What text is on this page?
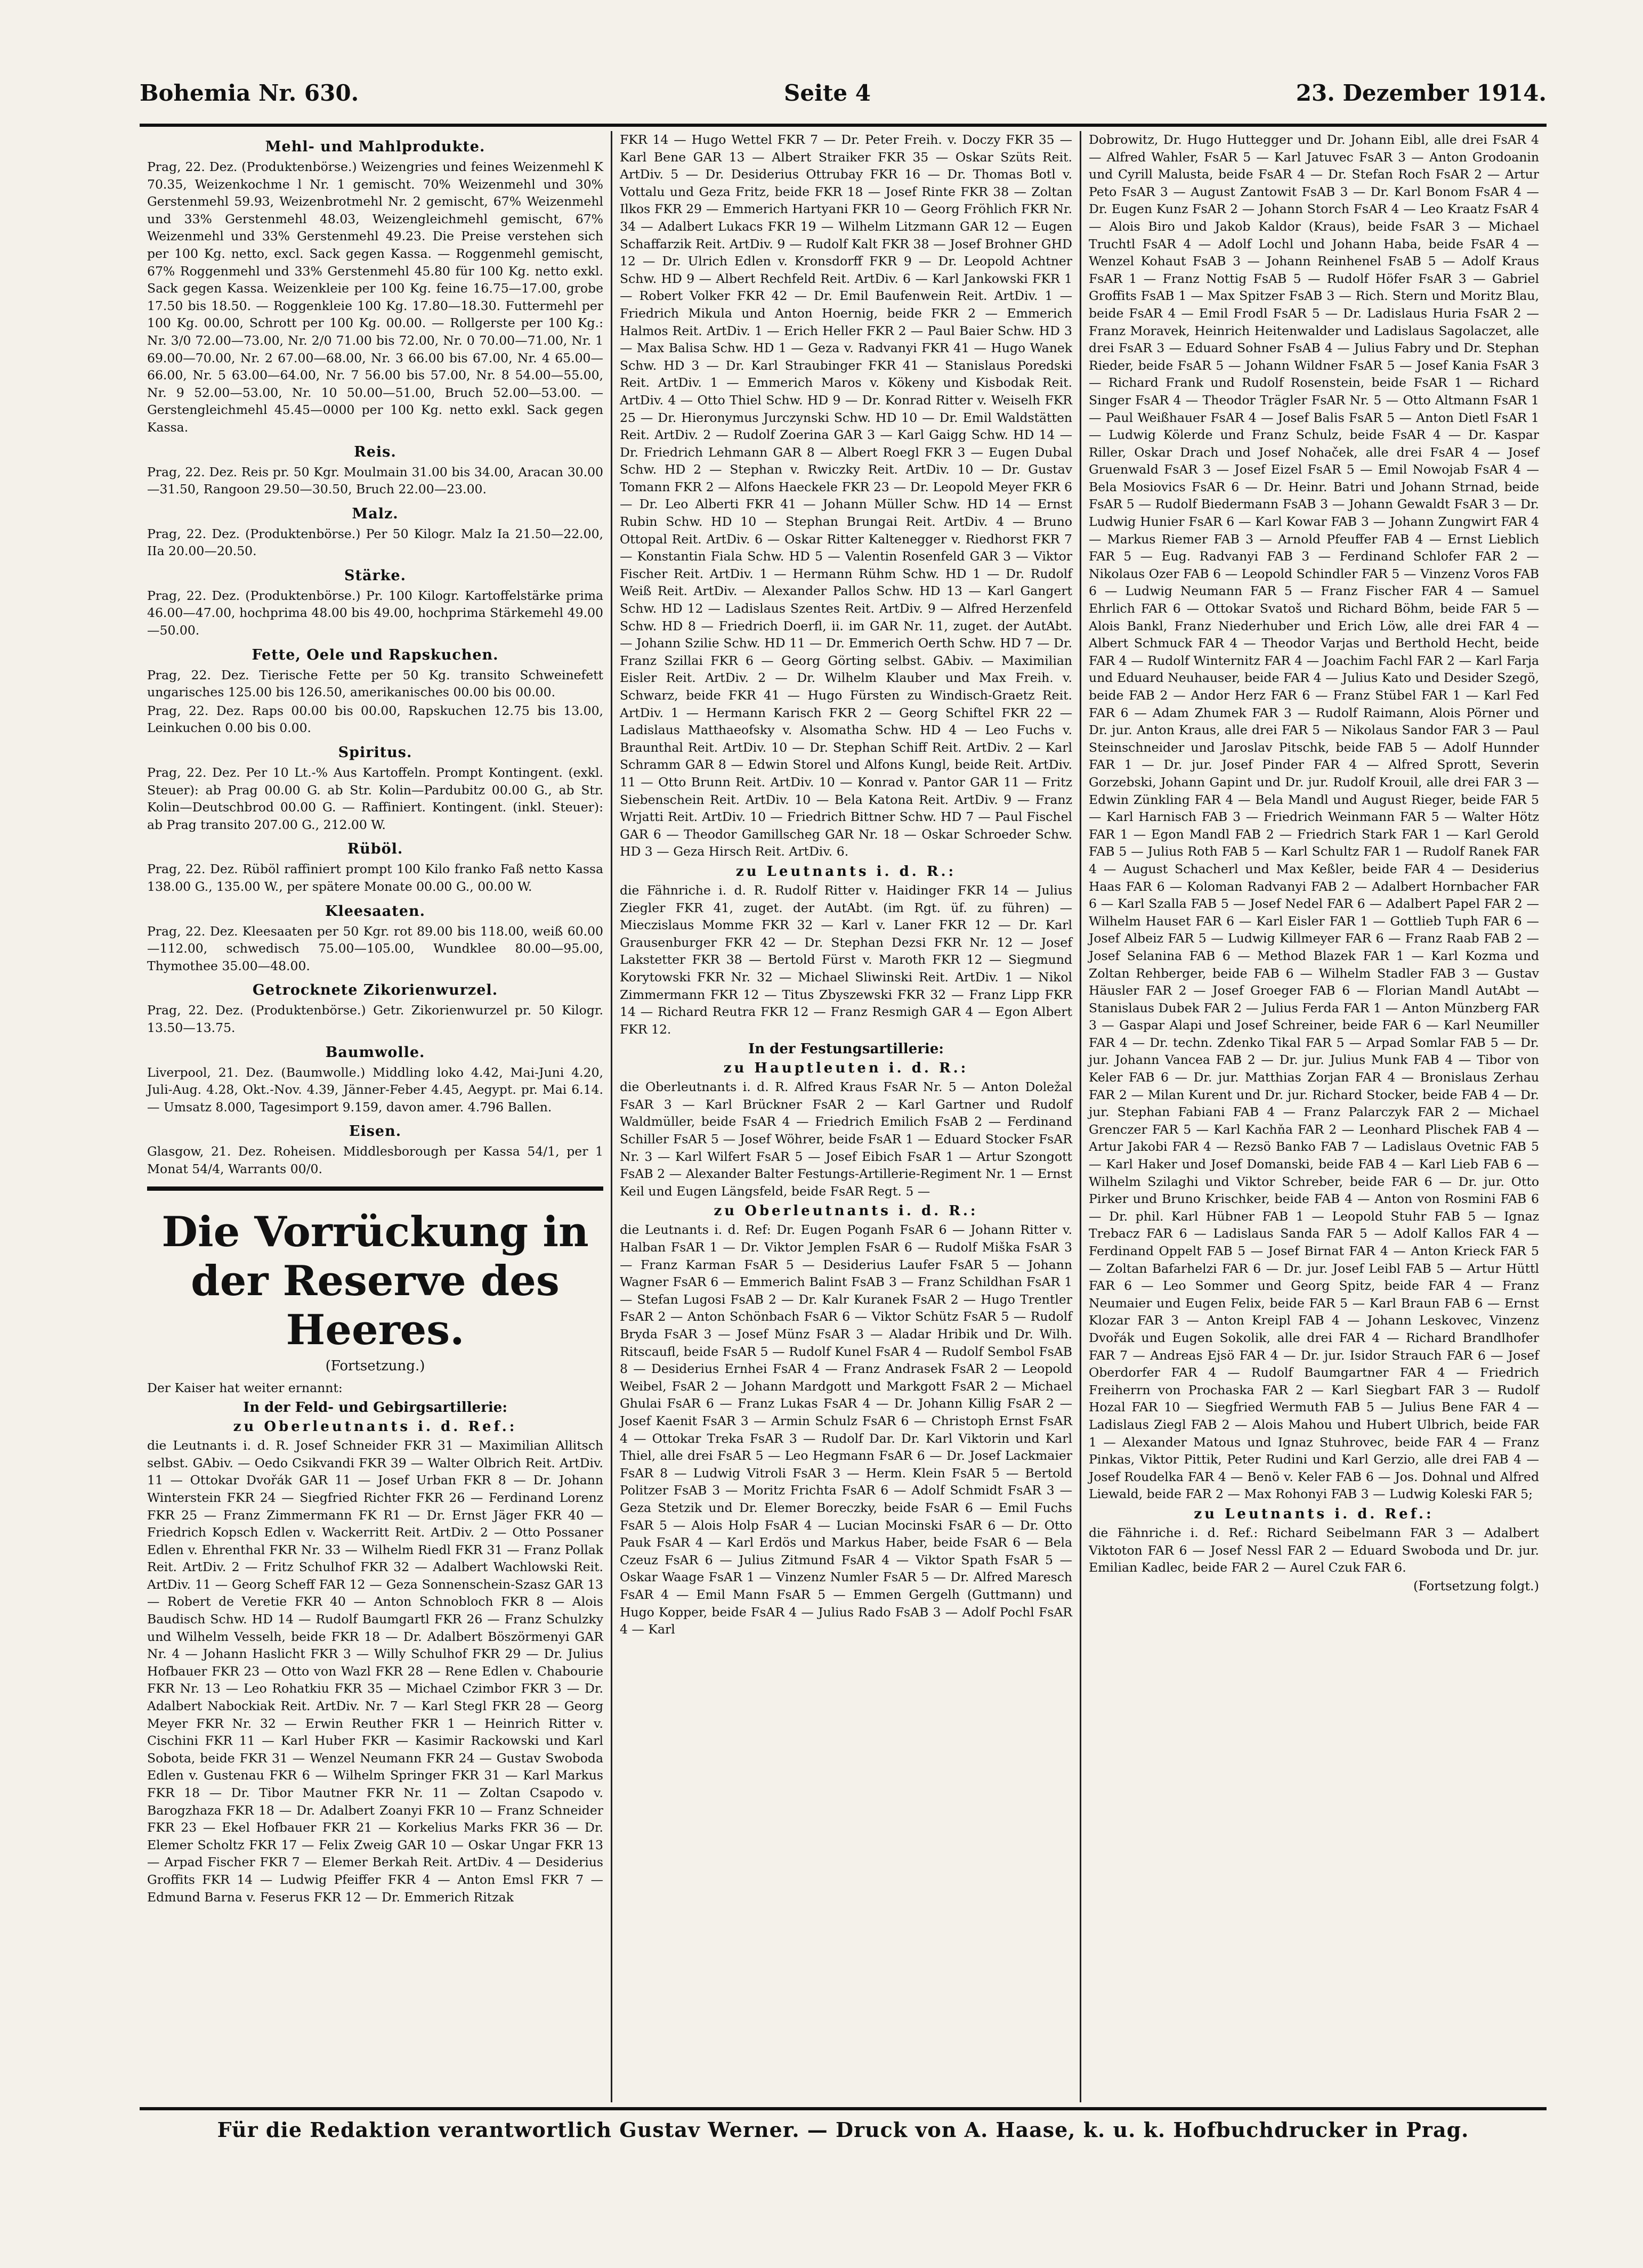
Bohemia Nr. 630.	Seite 4	23. Dezember 1914.
Mehl- und Mahlprodukte.

Prag, 22. Dez. (Produktenbörse.) Weizengries und feines Weizenmehl K 70.35, Weizenkochme l Nr. 1 gemischt. 70% Weizenmehl und 30% Gerstenmehl 59.93, Weizenbrotmehl Nr. 2 gemischt, 67% Weizenmehl und 33% Gerstenmehl 48.03, Weizengleichmehl gemischt, 67% Weizenmehl und 33% Gerstenmehl 49.23. Die Preise verstehen sich per 100 Kg. netto, excl. Sack gegen Kassa. — Roggenmehl gemischt, 67% Roggenmehl und 33% Gerstenmehl 45.80 für 100 Kg. netto exkl. Sack gegen Kassa. Weizenkleie per 100 Kg. feine 16.75—17.00, grobe 17.50 bis 18.50. — Roggenkleie 100 Kg. 17.80—18.30. Futtermehl per 100 Kg. 00.00, Schrott per 100 Kg. 00.00. — Rollgerste per 100 Kg.: Nr. 3/0 72.00—73.00, Nr. 2/0 71.00 bis 72.00, Nr. 0 70.00—71.00, Nr. 1 69.00—70.00, Nr. 2 67.00—68.00, Nr. 3 66.00 bis 67.00, Nr. 4 65.00—66.00, Nr. 5 63.00—64.00, Nr. 7 56.00 bis 57.00, Nr. 8 54.00—55.00, Nr. 9 52.00—53.00, Nr. 10 50.00—51.00, Bruch 52.00—53.00. — Gerstengleichmehl 45.45—0000 per 100 Kg. netto exkl. Sack gegen Kassa.

Reis.

Prag, 22. Dez. Reis pr. 50 Kgr. Moulmain 31.00 bis 34.00, Aracan 30.00—31.50, Rangoon 29.50—30.50, Bruch 22.00—23.00.

Malz.

Prag, 22. Dez. (Produktenbörse.) Per 50 Kilogr. Malz Ia 21.50—22.00, IIa 20.00—20.50.

Stärke.

Prag, 22. Dez. (Produktenbörse.) Pr. 100 Kilogr. Kartoffelstärke prima 46.00—47.00, hochprima 48.00 bis 49.00, hochprima Stärkemehl 49.00—50.00.

Fette, Oele und Rapskuchen.

Prag, 22. Dez. Tierische Fette per 50 Kg. transito Schweinefett ungarisches 125.00 bis 126.50, amerikanisches 00.00 bis 00.00.

Prag, 22. Dez. Raps 00.00 bis 00.00, Rapskuchen 12.75 bis 13.00, Leinkuchen 0.00 bis 0.00.

Spiritus.

Prag, 22. Dez. Per 10 Lt.-% Aus Kartoffeln. Prompt Kontingent. (exkl. Steuer): ab Prag 00.00 G. ab Str. Kolin—Pardubitz 00.00 G., ab Str. Kolin—Deutschbrod 00.00 G. — Raffiniert. Kontingent. (inkl. Steuer): ab Prag transito 207.00 G., 212.00 W.

Rüböl.

Prag, 22. Dez. Rüböl raffiniert prompt 100 Kilo franko Faß netto Kassa 138.00 G., 135.00 W., per spätere Monate 00.00 G., 00.00 W.

Kleesaaten.

Prag, 22. Dez. Kleesaaten per 50 Kgr. rot 89.00 bis 118.00, weiß 60.00—112.00, schwedisch 75.00—105.00, Wundklee 80.00—95.00, Thymothee 35.00—48.00.

Getrocknete Zikorienwurzel.

Prag, 22. Dez. (Produktenbörse.) Getr. Zikorienwurzel pr. 50 Kilogr. 13.50—13.75.

Baumwolle.

Liverpool, 21. Dez. (Baumwolle.) Middling loko 4.42, Mai-Juni 4.20, Juli-Aug. 4.28, Okt.-Nov. 4.39, Jänner-Feber 4.45, Aegypt. pr. Mai 6.14. — Umsatz 8.000, Tagesimport 9.159, davon amer. 4.796 Ballen.

Eisen.

Glasgow, 21. Dez. Roheisen. Middlesborough per Kassa 54/1, per 1 Monat 54/4, Warrants 00/0.

Die Vorrückung in der Reserve des Heeres.
(Fortsetzung.)

Der Kaiser hat weiter ernannt:

In der Feld- und Gebirgsartillerie:
zu Oberleutnants i. d. Ref.:

die Leutnants i. d. R. Josef Schneider FKR 31 — Maximilian Allitsch selbst. GAbiv. — Oedo Csikvandi FKR 39 — Walter Olbrich Reit. ArtDiv. 11 — Ottokar Dvořák GAR 11 — Josef Urban FKR 8 — Dr. Johann Winterstein FKR 24 — Siegfried Richter FKR 26 — Ferdinand Lorenz FKR 25 — Franz Zimmermann FK R1 — Dr. Ernst Jäger FKR 40 — Friedrich Kopsch Edlen v. Wackerritt Reit. ArtDiv. 2 — Otto Possaner Edlen v. Ehrenthal FKR Nr. 33 — Wilhelm Riedl FKR 31 — Franz Pollak Reit. ArtDiv. 2 — Fritz Schulhof FKR 32 — Adalbert Wachlowski Reit. ArtDiv. 11 — Georg Scheff FAR 12 — Geza Sonnenschein-Szasz GAR 13 — Robert de Veretie FKR 40 — Anton Schnobloch FKR 8 — Alois Baudisch Schw. HD 14 — Rudolf Baumgartl FKR 26 — Franz Schulzky und Wilhelm Vesselh, beide FKR 18 — Dr. Adalbert Böszörmenyi GAR Nr. 4 — Johann Haslicht FKR 3 — Willy Schulhof FKR 29 — Dr. Julius Hofbauer FKR 23 — Otto von Wazl FKR 28 — Rene Edlen v. Chabourie FKR Nr. 13 — Leo Rohatkiu FKR 35 — Michael Czimbor FKR 3 — Dr. Adalbert Nabockiak Reit. ArtDiv. Nr. 7 — Karl Stegl FKR 28 — Georg Meyer FKR Nr. 32 — Erwin Reuther FKR 1 — Heinrich Ritter v. Cischini FKR 11 — Karl Huber FKR — Kasimir Rackowski und Karl Sobota, beide FKR 31 — Wenzel Neumann FKR 24 — Gustav Swoboda Edlen v. Gustenau FKR 6 — Wilhelm Springer FKR 31 — Karl Markus FKR 18 — Dr. Tibor Mautner FKR Nr. 11 — Zoltan Csapodo v. Barogzhaza FKR 18 — Dr. Adalbert Zoanyi FKR 10 — Franz Schneider FKR 23 — Ekel Hofbauer FKR 21 — Korkelius Marks FKR 36 — Dr. Elemer Scholtz FKR 17 — Felix Zweig GAR 10 — Oskar Ungar FKR 13 — Arpad Fischer FKR 7 — Elemer Berkah Reit. ArtDiv. 4 — Desiderius Groffits FKR 14 — Ludwig Pfeiffer FKR 4 — Anton Emsl FKR 7 — Edmund Barna v. Feserus FKR 12 — Dr. Emmerich Ritzak

FKR 14 — Hugo Wettel FKR 7 — Dr. Peter Freih. v. Doczy FKR 35 — Karl Bene GAR 13 — Albert Straiker FKR 35 — Oskar Szüts Reit. ArtDiv. 5 — Dr. Desiderius Ottrubay FKR 16 — Dr. Thomas Botl v. Vottalu und Geza Fritz, beide FKR 18 — Josef Rinte FKR 38 — Zoltan Ilkos FKR 29 — Emmerich Hartyani FKR 10 — Georg Fröhlich FKR Nr. 34 — Adalbert Lukacs FKR 19 — Wilhelm Litzmann GAR 12 — Eugen Schaffarzik Reit. ArtDiv. 9 — Rudolf Kalt FKR 38 — Josef Brohner GHD 12 — Dr. Ulrich Edlen v. Kronsdorff FKR 9 — Dr. Leopold Achtner Schw. HD 9 — Albert Rechfeld Reit. ArtDiv. 6 — Karl Jankowski FKR 1 — Robert Volker FKR 42 — Dr. Emil Baufenwein Reit. ArtDiv. 1 — Friedrich Mikula und Anton Hoernig, beide FKR 2 — Emmerich Halmos Reit. ArtDiv. 1 — Erich Heller FKR 2 — Paul Baier Schw. HD 3 — Max Balisa Schw. HD 1 — Geza v. Radvanyi FKR 41 — Hugo Wanek Schw. HD 3 — Dr. Karl Straubinger FKR 41 — Stanislaus Poredski Reit. ArtDiv. 1 — Emmerich Maros v. Kökeny und Kisbodak Reit. ArtDiv. 4 — Otto Thiel Schw. HD 9 — Dr. Konrad Ritter v. Weiselh FKR 25 — Dr. Hieronymus Jurczynski Schw. HD 10 — Dr. Emil Waldstätten Reit. ArtDiv. 2 — Rudolf Zoerina GAR 3 — Karl Gaigg Schw. HD 14 — Dr. Friedrich Lehmann GAR 8 — Albert Roegl FKR 3 — Eugen Dubal Schw. HD 2 — Stephan v. Rwiczky Reit. ArtDiv. 10 — Dr. Gustav Tomann FKR 2 — Alfons Haeckele FKR 23 — Dr. Leopold Meyer FKR 6 — Dr. Leo Alberti FKR 41 — Johann Müller Schw. HD 14 — Ernst Rubin Schw. HD 10 — Stephan Brungai Reit. ArtDiv. 4 — Bruno Ottopal Reit. ArtDiv. 6 — Oskar Ritter Kaltenegger v. Riedhorst FKR 7 — Konstantin Fiala Schw. HD 5 — Valentin Rosenfeld GAR 3 — Viktor Fischer Reit. ArtDiv. 1 — Hermann Rühm Schw. HD 1 — Dr. Rudolf Weiß Reit. ArtDiv. — Alexander Pallos Schw. HD 13 — Karl Gangert Schw. HD 12 — Ladislaus Szentes Reit. ArtDiv. 9 — Alfred Herzenfeld Schw. HD 8 — Friedrich Doerfl, ii. im GAR Nr. 11, zuget. der AutAbt. — Johann Szilie Schw. HD 11 — Dr. Emmerich Oerth Schw. HD 7 — Dr. Franz Szillai FKR 6 — Georg Görting selbst. GAbiv. — Maximilian Eisler Reit. ArtDiv. 2 — Dr. Wilhelm Klauber und Max Freih. v. Schwarz, beide FKR 41 — Hugo Fürsten zu Windisch-Graetz Reit. ArtDiv. 1 — Hermann Karisch FKR 2 — Georg Schiftel FKR 22 — Ladislaus Matthaeofsky v. Alsomatha Schw. HD 4 — Leo Fuchs v. Braunthal Reit. ArtDiv. 10 — Dr. Stephan Schiff Reit. ArtDiv. 2 — Karl Schramm GAR 8 — Edwin Storel und Alfons Kungl, beide Reit. ArtDiv. 11 — Otto Brunn Reit. ArtDiv. 10 — Konrad v. Pantor GAR 11 — Fritz Siebenschein Reit. ArtDiv. 10 — Bela Katona Reit. ArtDiv. 9 — Franz Wrjatti Reit. ArtDiv. 10 — Friedrich Bittner Schw. HD 7 — Paul Fischel GAR 6 — Theodor Gamillscheg GAR Nr. 18 — Oskar Schroeder Schw. HD 3 — Geza Hirsch Reit. ArtDiv. 6.

zu Leutnants i. d. R.:

die Fähnriche i. d. R. Rudolf Ritter v. Haidinger FKR 14 — Julius Ziegler FKR 41, zuget. der AutAbt. (im Rgt. üf. zu führen) — Mieczislaus Momme FKR 32 — Karl v. Laner FKR 12 — Dr. Karl Grausenburger FKR 42 — Dr. Stephan Dezsi FKR Nr. 12 — Josef Lakstetter FKR 38 — Bertold Fürst v. Maroth FKR 12 — Siegmund Korytowski FKR Nr. 32 — Michael Sliwinski Reit. ArtDiv. 1 — Nikol Zimmermann FKR 12 — Titus Zbyszewski FKR 32 — Franz Lipp FKR 14 — Richard Reutra FKR 12 — Franz Resmigh GAR 4 — Egon Albert FKR 12.

In der Festungsartillerie:
zu Hauptleuten i. d. R.:

die Oberleutnants i. d. R. Alfred Kraus FsAR Nr. 5 — Anton Doležal FsAR 3 — Karl Brückner FsAR 2 — Karl Gartner und Rudolf Waldmüller, beide FsAR 4 — Friedrich Emilich FsAB 2 — Ferdinand Schiller FsAR 5 — Josef Wöhrer, beide FsAR 1 — Eduard Stocker FsAR Nr. 3 — Karl Wilfert FsAR 5 — Josef Eibich FsAR 1 — Artur Szongott FsAB 2 — Alexander Balter Festungs-Artillerie-Regiment Nr. 1 — Ernst Keil und Eugen Längsfeld, beide FsAR Regt. 5 —

zu Oberleutnants i. d. R.:

die Leutnants i. d. Ref: Dr. Eugen Poganh FsAR 6 — Johann Ritter v. Halban FsAR 1 — Dr. Viktor Jemplen FsAR 6 — Rudolf Miška FsAR 3 — Franz Karman FsAR 5 — Desiderius Laufer FsAR 5 — Johann Wagner FsAR 6 — Emmerich Balint FsAB 3 — Franz Schildhan FsAR 1 — Stefan Lugosi FsAB 2 — Dr. Kalr Kuranek FsAR 2 — Hugo Trentler FsAR 2 — Anton Schönbach FsAR 6 — Viktor Schütz FsAR 5 — Rudolf Bryda FsAR 3 — Josef Münz FsAR 3 — Aladar Hribik und Dr. Wilh. Ritscaufl, beide FsAR 5 — Rudolf Kunel FsAR 4 — Rudolf Sembol FsAB 8 — Desiderius Ernhei FsAR 4 — Franz Andrasek FsAR 2 — Leopold Weibel, FsAR 2 — Johann Mardgott und Markgott FsAR 2 — Michael Ghulai FsAR 6 — Franz Lukas FsAR 4 — Dr. Johann Killig FsAR 2 — Josef Kaenit FsAR 3 — Armin Schulz FsAR 6 — Christoph Ernst FsAR 4 — Ottokar Treka FsAR 3 — Rudolf Dar. Dr. Karl Viktorin und Karl Thiel, alle drei FsAR 5 — Leo Hegmann FsAR 6 — Dr. Josef Lackmaier FsAR 8 — Ludwig Vitroli FsAR 3 — Herm. Klein FsAR 5 — Bertold Politzer FsAB 3 — Moritz Frichta FsAR 6 — Adolf Schmidt FsAR 3 — Geza Stetzik und Dr. Elemer Boreczky, beide FsAR 6 — Emil Fuchs FsAR 5 — Alois Holp FsAR 4 — Lucian Mocinski FsAR 6 — Dr. Otto Pauk FsAR 4 — Karl Erdös und Markus Haber, beide FsAR 6 — Bela Czeuz FsAR 6 — Julius Zitmund FsAR 4 — Viktor Spath FsAR 5 — Oskar Waage FsAR 1 — Vinzenz Numler FsAR 5 — Dr. Alfred Maresch FsAR 4 — Emil Mann FsAR 5 — Emmen Gergelh (Guttmann) und Hugo Kopper, beide FsAR 4 — Julius Rado FsAB 3 — Adolf Pochl FsAR 4 — Karl

Dobrowitz, Dr. Hugo Huttegger und Dr. Johann Eibl, alle drei FsAR 4 — Alfred Wahler, FsAR 5 — Karl Jatuvec FsAR 3 — Anton Grodoanin und Cyrill Malusta, beide FsAR 4 — Dr. Stefan Roch FsAR 2 — Artur Peto FsAR 3 — August Zantowit FsAB 3 — Dr. Karl Bonom FsAR 4 — Dr. Eugen Kunz FsAR 2 — Johann Storch FsAR 4 — Leo Kraatz FsAR 4 — Alois Biro und Jakob Kaldor (Kraus), beide FsAR 3 — Michael Truchtl FsAR 4 — Adolf Lochl und Johann Haba, beide FsAR 4 — Wenzel Kohaut FsAB 3 — Johann Reinhenel FsAB 5 — Adolf Kraus FsAR 1 — Franz Nottig FsAB 5 — Rudolf Höfer FsAR 3 — Gabriel Groffits FsAB 1 — Max Spitzer FsAB 3 — Rich. Stern und Moritz Blau, beide FsAR 4 — Emil Frodl FsAR 5 — Dr. Ladislaus Huria FsAR 2 — Franz Moravek, Heinrich Heitenwalder und Ladislaus Sagolaczet, alle drei FsAR 3 — Eduard Sohner FsAB 4 — Julius Fabry und Dr. Stephan Rieder, beide FsAR 5 — Johann Wildner FsAR 5 — Josef Kania FsAR 3 — Richard Frank und Rudolf Rosenstein, beide FsAR 1 — Richard Singer FsAR 4 — Theodor Trägler FsAR Nr. 5 — Otto Altmann FsAR 1 — Paul Weißhauer FsAR 4 — Josef Balis FsAR 5 — Anton Dietl FsAR 1 — Ludwig Kölerde und Franz Schulz, beide FsAR 4 — Dr. Kaspar Riller, Oskar Drach und Josef Nohaček, alle drei FsAR 4 — Josef Gruenwald FsAR 3 — Josef Eizel FsAR 5 — Emil Nowojab FsAR 4 — Bela Mosiovics FsAR 6 — Dr. Heinr. Batri und Johann Strnad, beide FsAR 5 — Rudolf Biedermann FsAB 3 — Johann Gewaldt FsAR 3 — Dr. Ludwig Hunier FsAR 6 — Karl Kowar FAB 3 — Johann Zungwirt FAR 4 — Markus Riemer FAB 3 — Arnold Pfeuffer FAB 4 — Ernst Lieblich FAR 5 — Eug. Radvanyi FAB 3 — Ferdinand Schlofer FAR 2 — Nikolaus Ozer FAB 6 — Leopold Schindler FAR 5 — Vinzenz Voros FAB 6 — Ludwig Neumann FAR 5 — Franz Fischer FAR 4 — Samuel Ehrlich FAR 6 — Ottokar Svatoš und Richard Böhm, beide FAR 5 — Alois Bankl, Franz Niederhuber und Erich Löw, alle drei FAR 4 — Albert Schmuck FAR 4 — Theodor Varjas und Berthold Hecht, beide FAR 4 — Rudolf Winternitz FAR 4 — Joachim Fachl FAR 2 — Karl Farja und Eduard Neuhauser, beide FAR 4 — Julius Kato und Desider Szegö, beide FAB 2 — Andor Herz FAR 6 — Franz Stübel FAR 1 — Karl Fed FAR 6 — Adam Zhumek FAR 3 — Rudolf Raimann, Alois Pörner und Dr. jur. Anton Kraus, alle drei FAR 5 — Nikolaus Sandor FAR 3 — Paul Steinschneider und Jaroslav Pitschk, beide FAB 5 — Adolf Hunnder FAR 1 — Dr. jur. Josef Pinder FAR 4 — Alfred Sprott, Severin Gorzebski, Johann Gapint und Dr. jur. Rudolf Krouil, alle drei FAR 3 — Edwin Zünkling FAR 4 — Bela Mandl und August Rieger, beide FAR 5 — Karl Harnisch FAB 3 — Friedrich Weinmann FAR 5 — Walter Hötz FAR 1 — Egon Mandl FAB 2 — Friedrich Stark FAR 1 — Karl Gerold FAB 5 — Julius Roth FAB 5 — Karl Schultz FAR 1 — Rudolf Ranek FAR 4 — August Schacherl und Max Keßler, beide FAR 4 — Desiderius Haas FAR 6 — Koloman Radvanyi FAB 2 — Adalbert Hornbacher FAR 6 — Karl Szalla FAB 5 — Josef Nedel FAR 6 — Adalbert Papel FAR 2 — Wilhelm Hauset FAR 6 — Karl Eisler FAR 1 — Gottlieb Tuph FAR 6 — Josef Albeiz FAR 5 — Ludwig Killmeyer FAR 6 — Franz Raab FAB 2 — Josef Selanina FAB 6 — Method Blazek FAR 1 — Karl Kozma und Zoltan Rehberger, beide FAB 6 — Wilhelm Stadler FAB 3 — Gustav Häusler FAR 2 — Josef Groeger FAB 6 — Florian Mandl AutAbt — Stanislaus Dubek FAR 2 — Julius Ferda FAR 1 — Anton Münzberg FAR 3 — Gaspar Alapi und Josef Schreiner, beide FAR 6 — Karl Neumiller FAR 4 — Dr. techn. Zdenko Tikal FAR 5 — Arpad Somlar FAB 5 — Dr. jur. Johann Vancea FAB 2 — Dr. jur. Julius Munk FAB 4 — Tibor von Keler FAB 6 — Dr. jur. Matthias Zorjan FAR 4 — Bronislaus Zerhau FAR 2 — Milan Kurent und Dr. jur. Richard Stocker, beide FAB 4 — Dr. jur. Stephan Fabiani FAB 4 — Franz Palarczyk FAR 2 — Michael Grenczer FAR 5 — Karl Kachňa FAR 2 — Leonhard Plischek FAB 4 — Artur Jakobi FAR 4 — Rezsö Banko FAB 7 — Ladislaus Ovetnic FAB 5 — Karl Haker und Josef Domanski, beide FAB 4 — Karl Lieb FAB 6 — Wilhelm Szilaghi und Viktor Schreber, beide FAR 6 — Dr. jur. Otto Pirker und Bruno Krischker, beide FAB 4 — Anton von Rosmini FAB 6 — Dr. phil. Karl Hübner FAB 1 — Leopold Stuhr FAB 5 — Ignaz Trebacz FAR 6 — Ladislaus Sanda FAR 5 — Adolf Kallos FAR 4 — Ferdinand Oppelt FAB 5 — Josef Birnat FAR 4 — Anton Krieck FAR 5 — Zoltan Bafarhelzi FAR 6 — Dr. jur. Josef Leibl FAB 5 — Artur Hüttl FAR 6 — Leo Sommer und Georg Spitz, beide FAR 4 — Franz Neumaier und Eugen Felix, beide FAR 5 — Karl Braun FAB 6 — Ernst Klozar FAR 3 — Anton Kreipl FAB 4 — Johann Leskovec, Vinzenz Dvořák und Eugen Sokolik, alle drei FAR 4 — Richard Brandlhofer FAR 7 — Andreas Ejsö FAR 4 — Dr. jur. Isidor Strauch FAR 6 — Josef Oberdorfer FAR 4 — Rudolf Baumgartner FAR 4 — Friedrich Freiherrn von Prochaska FAR 2 — Karl Siegbart FAR 3 — Rudolf Hozal FAR 10 — Siegfried Wermuth FAB 5 — Julius Bene FAR 4 — Ladislaus Ziegl FAB 2 — Alois Mahou und Hubert Ulbrich, beide FAR 1 — Alexander Matous und Ignaz Stuhrovec, beide FAR 4 — Franz Pinkas, Viktor Pittik, Peter Rudini und Karl Gerzio, alle drei FAB 4 — Josef Roudelka FAR 4 — Benö v. Keler FAB 6 — Jos. Dohnal und Alfred Liewald, beide FAR 2 — Max Rohonyi FAB 3 — Ludwig Koleski FAR 5;

zu Leutnants i. d. Ref.:

die Fähnriche i. d. Ref.: Richard Seibelmann FAR 3 — Adalbert Viktoton FAR 6 — Josef Nessl FAR 2 — Eduard Swoboda und Dr. jur. Emilian Kadlec, beide FAR 2 — Aurel Czuk FAR 6.

(Fortsetzung folgt.)
Für die Redaktion verantwortlich Gustav Werner. — Druck von A. Haase, k. u. k. Hofbuchdrucker in Prag.
